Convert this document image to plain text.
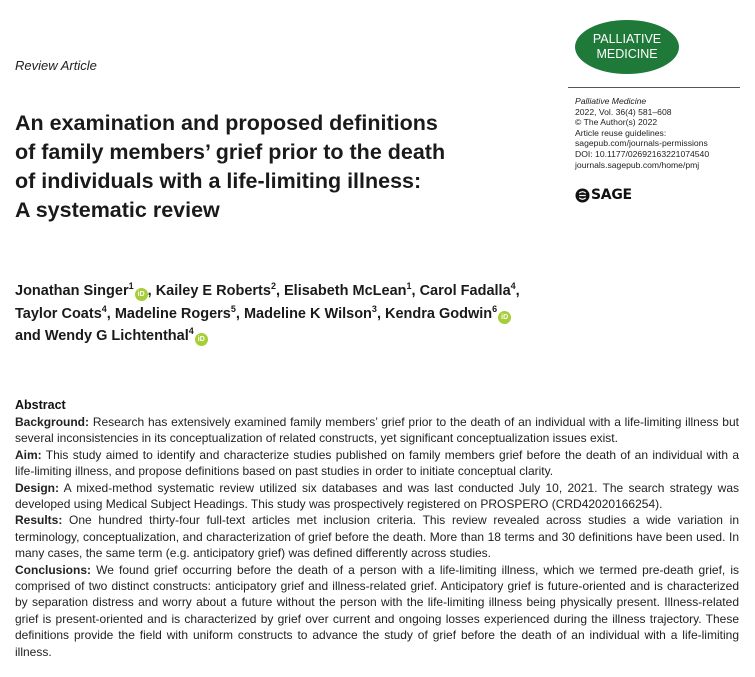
PALLIATIVE
MEDICINE
Review Article
Palliative Medicine
2022, Vol. 36(4) 581–608
© The Author(s) 2022
Article reuse guidelines:
sagepub.com/journals-permissions
DOI: 10.1177/02692163221074540
journals.sagepub.com/home/pmj
SAGE
An examination and proposed definitions
of family members’ grief prior to the death
of individuals with a life-limiting illness:
A systematic review
Jonathan Singer$^1$iD , Kailey E Roberts$^2$, Elisabeth McLean$^1$, Carol Fadalla$^4$,
Taylor Coats$^4$, Madeline Rogers$^5$, Madeline K Wilson$^3$, Kendra Godwin$^6$iD
and Wendy G Lichtenthal$^4$iD
Abstract

Background: Research has extensively examined family members’ grief prior to the death of an individual with a life-limiting illness but several inconsistencies in its conceptualization of related constructs, yet significant conceptualization issues exist.

Aim: This study aimed to identify and characterize studies published on family members grief before the death of an individual with a life-limiting illness, and propose definitions based on past studies in order to initiate conceptual clarity.

Design: A mixed-method systematic review utilized six databases and was last conducted July 10, 2021. The search strategy was developed using Medical Subject Headings. This study was prospectively registered on PROSPERO (CRD42020166254).

Results: One hundred thirty-four full-text articles met inclusion criteria. This review revealed across studies a wide variation in terminology, conceptualization, and characterization of grief before the death. More than 18 terms and 30 definitions have been used. In many cases, the same term (e.g. anticipatory grief) was defined differently across studies.

Conclusions: We found grief occurring before the death of a person with a life-limiting illness, which we termed pre-death grief, is comprised of two distinct constructs: anticipatory grief and illness-related grief. Anticipatory grief is future-oriented and is characterized by separation distress and worry about a future without the person with the life-limiting illness being physically present. Illness-related grief is present-oriented and is characterized by grief over current and ongoing losses experienced during the illness trajectory. These definitions provide the field with uniform constructs to advance the study of grief before the death of an individual with a life-limiting illness.
